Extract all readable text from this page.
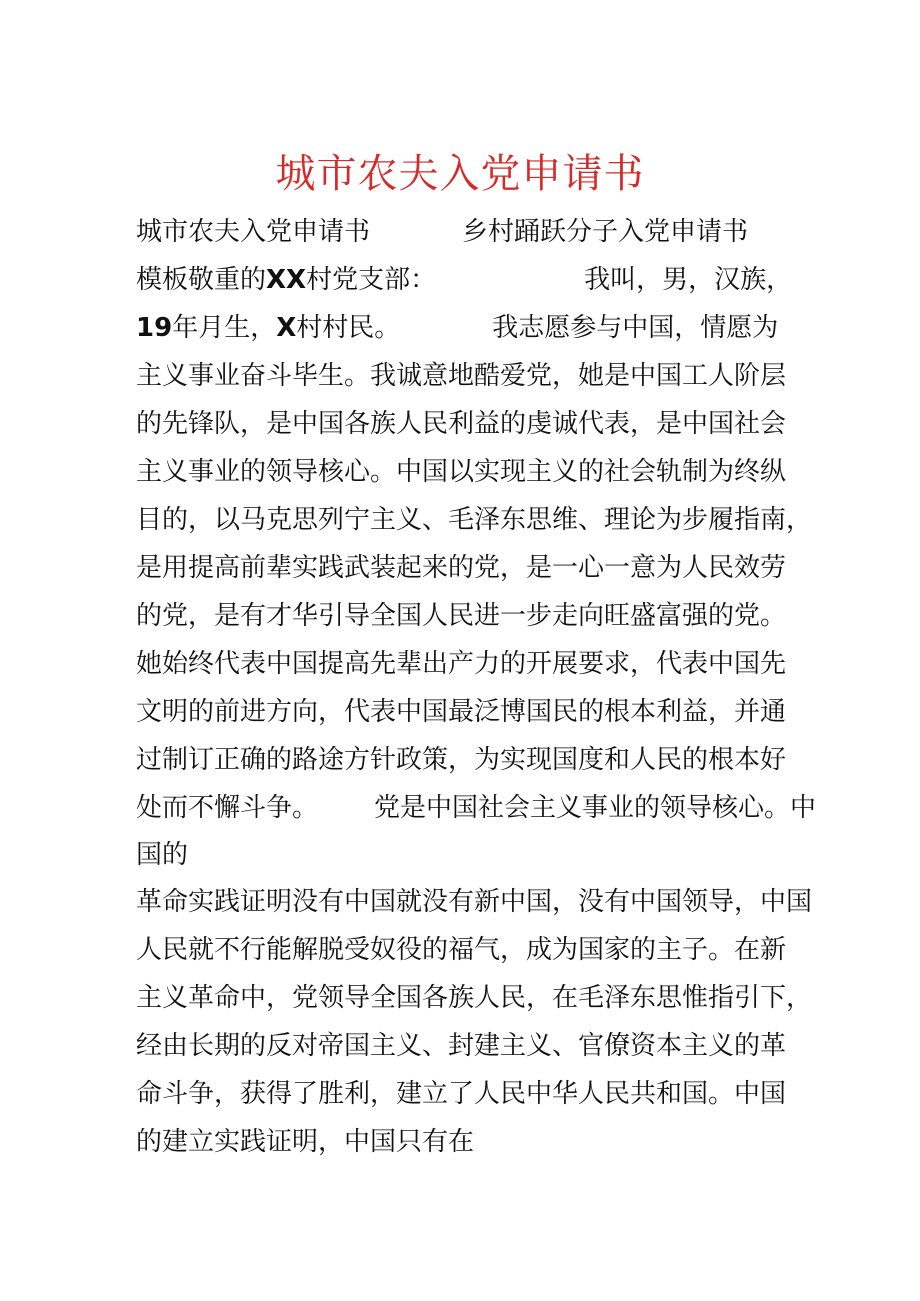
城市农夫入党申请书
城市农夫入党申请书	乡村踊跃分子入党申请书
模板敬重的XX村党支部：	我叫，男，汉族，
19年月生，X村村民。	我志愿参与中国，情愿为
主义事业奋斗毕生。我诚意地酷爱党，她是中国工人阶层
的先锋队，是中国各族人民利益的虔诚代表，是中国社会
主义事业的领导核心。中国以实现主义的社会轨制为终纵
目的，以马克思列宁主义、毛泽东思维、理论为步履指南，
是用提高前辈实践武装起来的党，是一心一意为人民效劳
的党，是有才华引导全国人民进一步走向旺盛富强的党。
她始终代表中国提高先辈出产力的开展要求，代表中国先
文明的前进方向，代表中国最泛博国民的根本利益，并通
过制订正确的路途方针政策，为实现国度和人民的根本好
处而不懈斗争。 党是中国社会主义事业的领导核心。中
国的
革命实践证明没有中国就没有新中国，没有中国领导，中国
人民就不行能解脱受奴役的福气，成为国家的主子。在新
主义革命中，党领导全国各族人民，在毛泽东思惟指引下，
经由长期的反对帝国主义、封建主义、官僚资本主义的革
命斗争，获得了胜利，建立了人民中华人民共和国。中国
的建立实践证明，中国只有在
